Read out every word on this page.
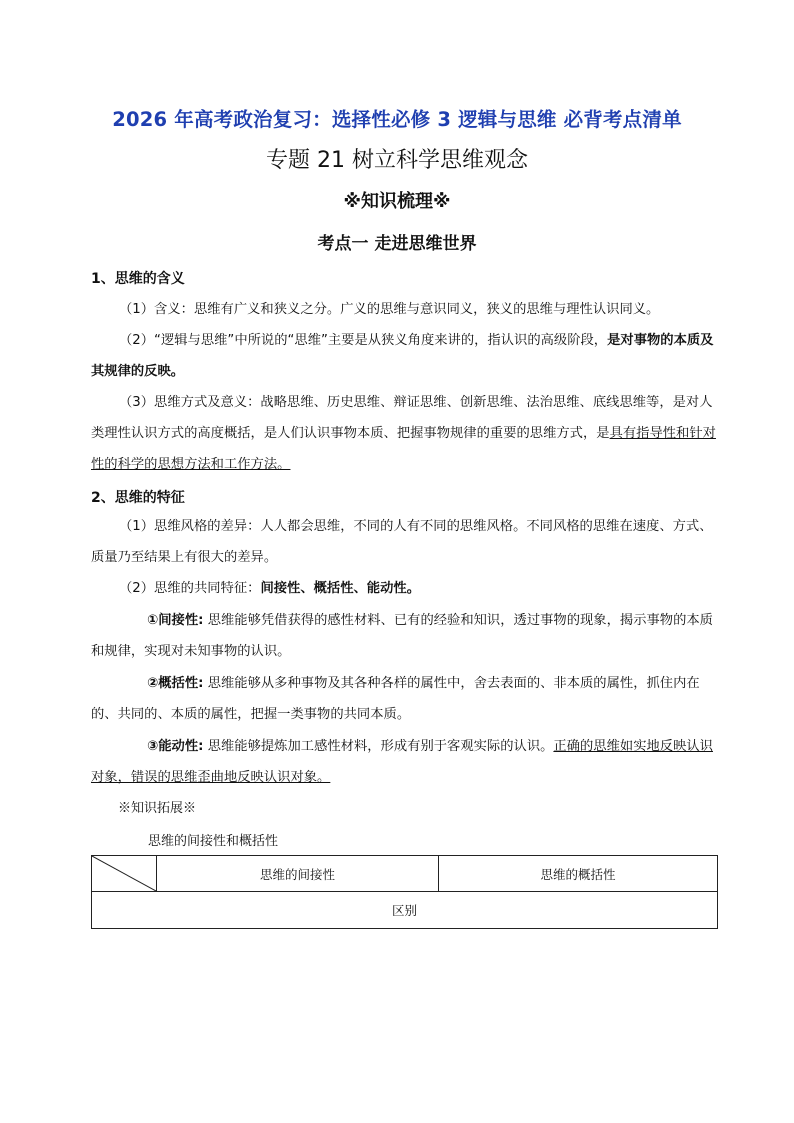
2026 年高考政治复习：选择性必修 3 逻辑与思维 必背考点清单
专题 21 树立科学思维观念
※知识梳理※
考点一 走进思维世界
1、思维的含义
（1）含义：思维有广义和狭义之分。广义的思维与意识同义，狭义的思维与理性认识同义。
（2）“逻辑与思维”中所说的“思维”主要是从狭义角度来讲的，指认识的高级阶段，是对事物的本质及其规律的反映。
（3）思维方式及意义：战略思维、历史思维、辩证思维、创新思维、法治思维、底线思维等，是对人类理性认识方式的高度概括，是人们认识事物本质、把握事物规律的重要的思维方式，是具有指导性和针对性的科学的思想方法和工作方法。
2、思维的特征
（1）思维风格的差异：人人都会思维，不同的人有不同的思维风格。不同风格的思维在速度、方式、质量乃至结果上有很大的差异。
（2）思维的共同特征：间接性、概括性、能动性。
①间接性: 思维能够凭借获得的感性材料、已有的经验和知识，透过事物的现象，揭示事物的本质和规律，实现对未知事物的认识。
②概括性: 思维能够从多种事物及其各种各样的属性中，舍去表面的、非本质的属性，抓住内在的、共同的、本质的属性，把握一类事物的共同本质。
③能动性: 思维能够提炼加工感性材料，形成有别于客观实际的认识。正确的思维如实地反映认识对象，错误的思维歪曲地反映认识对象。
※知识拓展※
思维的间接性和概括性
	思维的间接性	思维的概括性
区别
